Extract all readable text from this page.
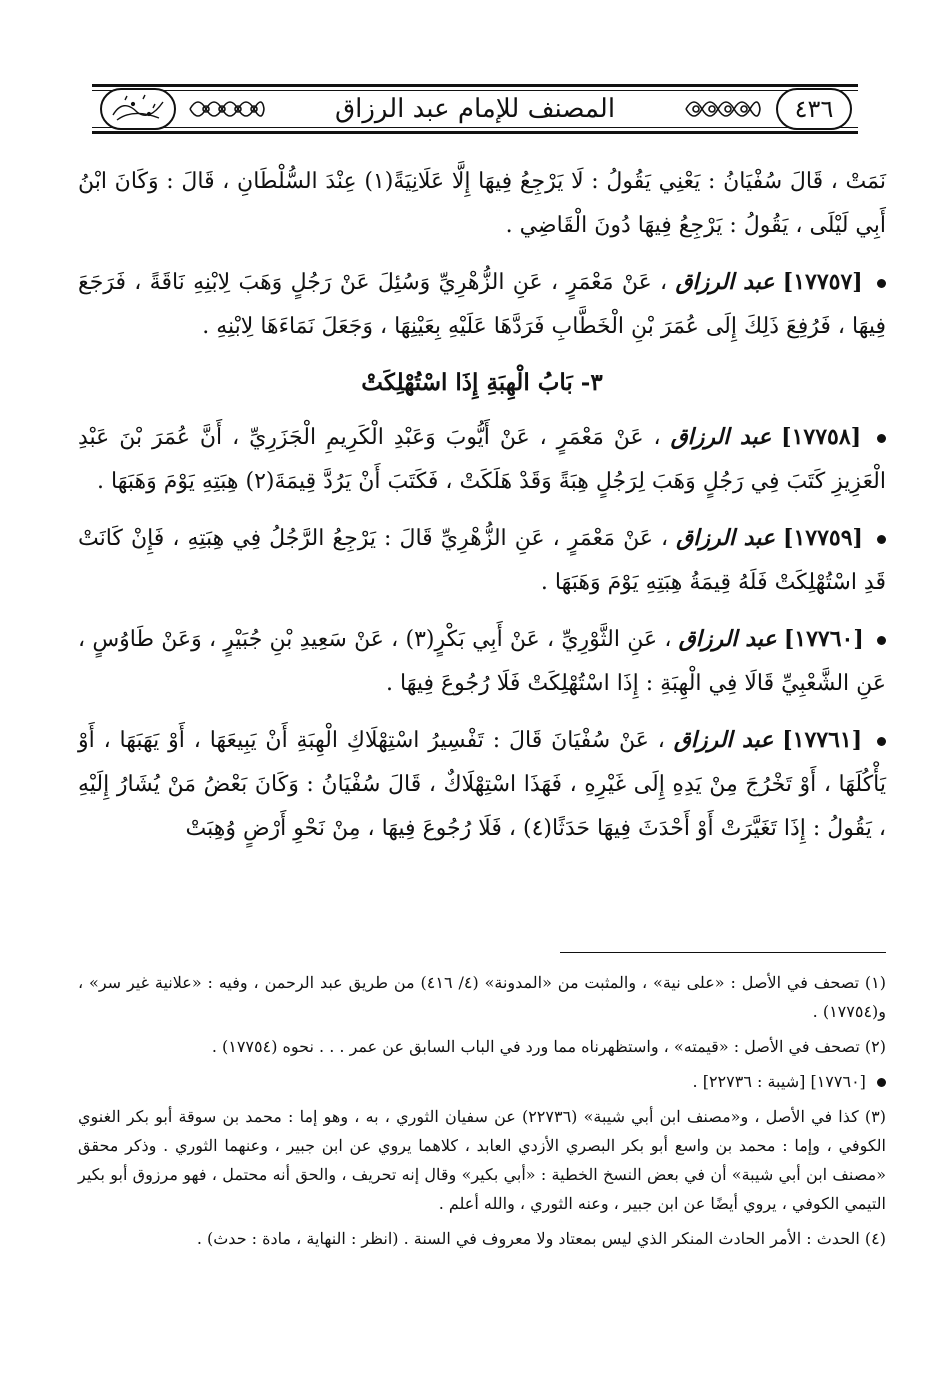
المصنف للإمام عبد الرزاق	٤٣٦

نَمَتْ ، قَالَ سُفْيَانُ : يَعْنِي يَقُولُ : لَا يَرْجِعُ فِيهَا إِلَّا عَلَانِيَةً(١) عِنْدَ السُّلْطَانِ ، قَالَ : وَكَانَ ابْنُ أَبِي لَيْلَى ، يَقُولُ : يَرْجِعُ فِيهَا دُونَ الْقَاضِي .

[١٧٧٥٧] عبد الرزاق ، عَنْ مَعْمَرٍ ، عَنِ الزُّهْرِيِّ وَسُئِلَ عَنْ رَجُلٍ وَهَبَ لِابْنِهِ نَاقَةً ، فَرَجَعَ فِيهَا ، فَرُفِعَ ذَلِكَ إِلَى عُمَرَ بْنِ الْخَطَّابِ فَرَدَّهَا عَلَيْهِ بِعَيْنِهَا ، وَجَعَلَ نَمَاءَهَا لِابْنِهِ .

٣- بَابُ الْهِبَةِ إِذَا اسْتُهْلِكَتْ

[١٧٧٥٨] عبد الرزاق ، عَنْ مَعْمَرٍ ، عَنْ أَيُّوبَ وَعَبْدِ الْكَرِيمِ الْجَزَرِيِّ ، أَنَّ عُمَرَ بْنَ عَبْدِ الْعَزِيزِ كَتَبَ فِي رَجُلٍ وَهَبَ لِرَجُلٍ هِبَةً وَقَدْ هَلَكَتْ ، فَكَتَبَ أَنْ يَرُدَّ قِيمَةَ(٢) هِبَتِهِ يَوْمَ وَهَبَهَا .

[١٧٧٥٩] عبد الرزاق ، عَنْ مَعْمَرٍ ، عَنِ الزُّهْرِيِّ قَالَ : يَرْجِعُ الرَّجُلُ فِي هِبَتِهِ ، فَإِنْ كَانَتْ قَدِ اسْتُهْلِكَتْ فَلَهُ قِيمَةُ هِبَتِهِ يَوْمَ وَهَبَهَا .

[١٧٧٦٠] عبد الرزاق ، عَنِ الثَّوْرِيِّ ، عَنْ أَبِي بَكْرٍ(٣) ، عَنْ سَعِيدِ بْنِ جُبَيْرٍ ، وَعَنْ طَاوُسٍ ، عَنِ الشَّعْبِيِّ قَالَا فِي الْهِبَةِ : إِذَا اسْتُهْلِكَتْ فَلَا رُجُوعَ فِيهَا .

[١٧٧٦١] عبد الرزاق ، عَنْ سُفْيَانَ قَالَ : تَفْسِيرُ اسْتِهْلَاكِ الْهِبَةِ أَنْ يَبِيعَهَا ، أَوْ يَهَبَهَا ، أَوْ يَأْكُلَهَا ، أَوْ تَخْرُجَ مِنْ يَدِهِ إِلَى غَيْرِهِ ، فَهَذَا اسْتِهْلَاكٌ ، قَالَ سُفْيَانُ : وَكَانَ بَعْضُ مَنْ يُشَارُ إِلَيْهِ ، يَقُولُ : إِذَا تَغَيَّرَتْ أَوْ أَحْدَثَ فِيهَا حَدَثًا(٤) ، فَلَا رُجُوعَ فِيهَا ، مِنْ نَحْوِ أَرْضٍ وُهِبَتْ

(١) تصحف في الأصل : «على نية» ، والمثبت من «المدونة» (٤/ ٤١٦) من طريق عبد الرحمن ، وفيه : «علانية غير سر» ، و(١٧٧٥٤) .

(٢) تصحف في الأصل : «قيمته» ، واستظهرناه مما ورد في الباب السابق عن عمر . . . نحوه (١٧٧٥٤) .

[١٧٧٦٠] [شيبة : ٢٢٧٣٦] .

(٣) كذا في الأصل ، و«مصنف ابن أبي شيبة» (٢٢٧٣٦) عن سفيان الثوري ، به ، وهو إما : محمد بن سوقة أبو بكر الغنوي الكوفي ، وإما : محمد بن واسع أبو بكر البصري الأزدي العابد ، كلاهما يروي عن ابن جبير ، وعنهما الثوري . وذكر محقق «مصنف ابن أبي شيبة» أن في بعض النسخ الخطية : «أبي بكير» وقال إنه تحريف ، والحق أنه محتمل ، فهو مرزوق أبو بكير التيمي الكوفي ، يروي أيضًا عن ابن جبير ، وعنه الثوري ، والله أعلم .

(٤) الحدث : الأمر الحادث المنكر الذي ليس بمعتاد ولا معروف في السنة . (انظر : النهاية ، مادة : حدث) .
